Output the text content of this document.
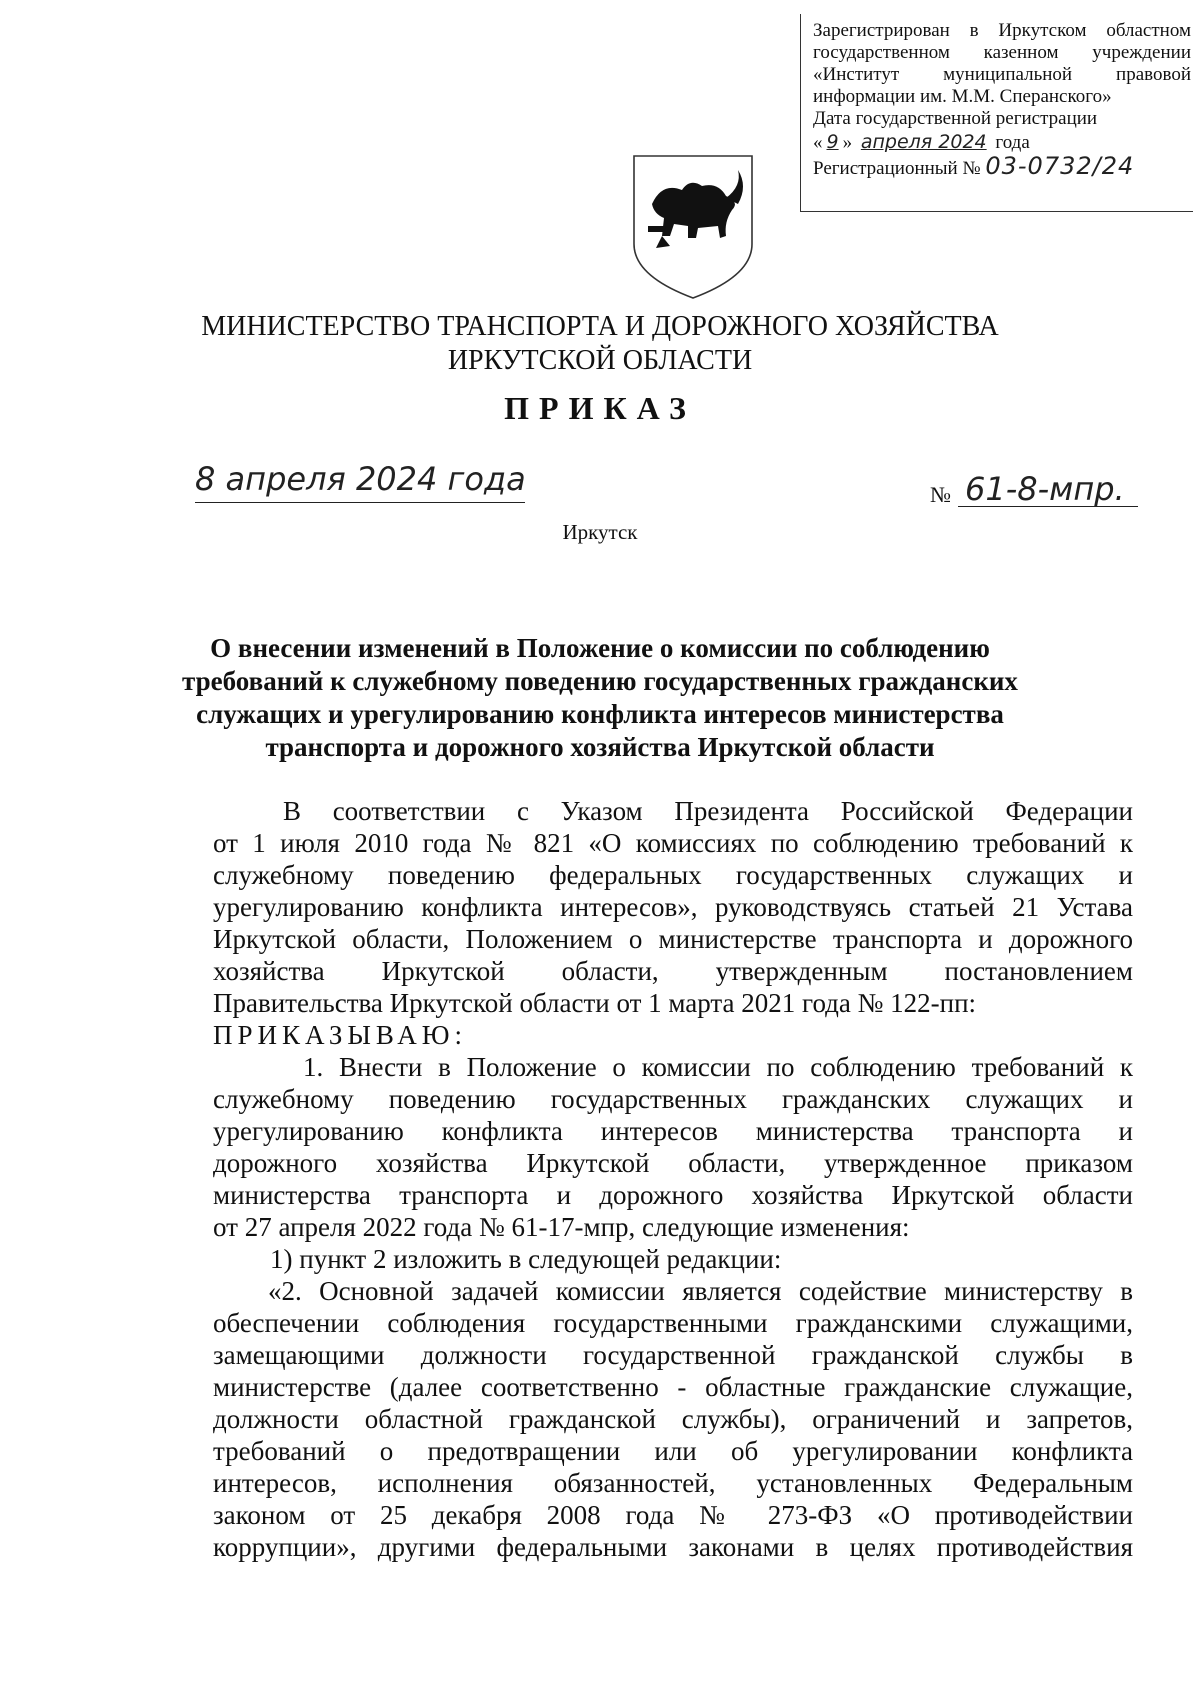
Зарегистрирован в Иркутском областном
государственном казенном учреждении
«Институт муниципальной правовой
информации им. М.М. Сперанского»
Дата государственной регистрации
« 9 » апреля 2024 года
Регистрационный № 03-0732/24
МИНИСТЕРСТВО ТРАНСПОРТА И ДОРОЖНОГО ХОЗЯЙСТВА
ИРКУТСКОЙ ОБЛАСТИ
ПРИКАЗ
8 апреля 2024 года	№ 61-8-мпр.
Иркутск
О внесении изменений в Положение о комиссии по соблюдению
требований к служебному поведению государственных гражданских
служащих и урегулированию конфликта интересов министерства
транспорта и дорожного хозяйства Иркутской области
В соответствии с Указом Президента Российской Федерации
от 1 июля 2010 года № 821 «О комиссиях по соблюдению требований к
служебному поведению федеральных государственных служащих и
урегулированию конфликта интересов», руководствуясь статьей 21 Устава
Иркутской области, Положением о министерстве транспорта и дорожного
хозяйства Иркутской области, утвержденным постановлением
Правительства Иркутской области от 1 марта 2021 года № 122-пп:
ПРИКАЗЫВАЮ:
1. Внести в Положение о комиссии по соблюдению требований к
служебному поведению государственных гражданских служащих и
урегулированию конфликта интересов министерства транспорта и
дорожного хозяйства Иркутской области, утвержденное приказом
министерства транспорта и дорожного хозяйства Иркутской области
от 27 апреля 2022 года № 61-17-мпр, следующие изменения:
1) пункт 2 изложить в следующей редакции:
«2. Основной задачей комиссии является содействие министерству в
обеспечении соблюдения государственными гражданскими служащими,
замещающими должности государственной гражданской службы в
министерстве (далее соответственно - областные гражданские служащие,
должности областной гражданской службы), ограничений и запретов,
требований о предотвращении или об урегулировании конфликта
интересов, исполнения обязанностей, установленных Федеральным
законом от 25 декабря 2008 года № 273-ФЗ «О противодействии
коррупции», другими федеральными законами в целях противодействия
